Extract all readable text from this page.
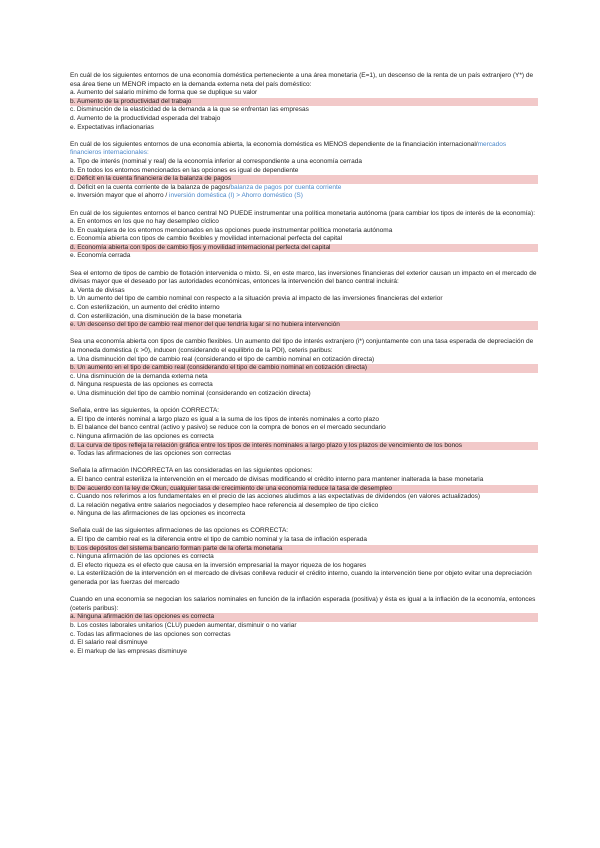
En cuál de los siguientes entornos de una economía doméstica perteneciente a una área monetaria (E=1), un descenso de la renta de un país extranjero (Y*) de esa área tiene un MENOR impacto en la demanda externa neta del país doméstico:

a. Aumento del salario mínimo de forma que se duplique su valor
b. Aumento de la productividad del trabajo
c. Disminución de la elasticidad de la demanda a la que se enfrentan las empresas
d. Aumento de la productividad esperada del trabajo
e. Expectativas inflacionarias

En cuál de los siguientes entornos de una economía abierta, la economía doméstica es MENOS dependiente de la financiación internacional/mercados financieros internacionales:

a. Tipo de interés (nominal y real) de la economía inferior al correspondiente a una economía cerrada
b. En todos los entornos mencionados en las opciones es igual de dependiente
c. Déficit en la cuenta financiera de la balanza de pagos
d. Déficit en la cuenta corriente de la balanza de pagos/balanza de pagos por cuenta corriente
e. Inversión mayor que el ahorro / inversión doméstica (I) > Ahorro doméstico (S)

En cuál de los siguientes entornos el banco central NO PUEDE instrumentar una política monetaria autónoma (para cambiar los tipos de interés de la economía):

a. En entornos en los que no hay desempleo cíclico
b. En cualquiera de los entornos mencionados en las opciones puede instrumentar política monetaria autónoma
c. Economía abierta con tipos de cambio flexibles y movilidad internacional perfecta del capital
d. Economía abierta con tipos de cambio fijos y movilidad internacional perfecta del capital
e. Economía cerrada

Sea el entorno de tipos de cambio de flotación intervenida o mixto. Si, en este marco, las inversiones financieras del exterior causan un impacto en el mercado de divisas mayor que el deseado por las autoridades económicas, entonces la intervención del banco central incluirá:

a. Venta de divisas
b. Un aumento del tipo de cambio nominal con respecto a la situación previa al impacto de las inversiones financieras del exterior
c. Con esterilización, un aumento del crédito interno
d. Con esterilización, una disminución de la base monetaria
e. Un descenso del tipo de cambio real menor del que tendría lugar si no hubiera intervención

Sea una economía abierta con tipos de cambio flexibles. Un aumento del tipo de interés extranjero (i*) conjuntamente con una tasa esperada de depreciación de la moneda doméstica (ε >0), inducen (considerando el equilibrio de la PDI), ceteris paribus:

a. Una disminución del tipo de cambio real (considerando el tipo de cambio nominal en cotización directa)
b. Un aumento en el tipo de cambio real (considerando el tipo de cambio nominal en cotización directa)
c. Una disminución de la demanda externa neta
d. Ninguna respuesta de las opciones es correcta
e. Una disminución del tipo de cambio nominal (considerando en cotización directa)

Señala, entre las siguientes, la opción CORRECTA:

a. El tipo de interés nominal a largo plazo es igual a la suma de los tipos de interés nominales a corto plazo
b. El balance del banco central (activo y pasivo) se reduce con la compra de bonos en el mercado secundario
c. Ninguna afirmación de las opciones es correcta
d. La curva de tipos refleja la relación gráfica entre los tipos de interés nominales a largo plazo y los plazos de vencimiento de los bonos
e. Todas las afirmaciones de las opciones son correctas

Señala la afirmación INCORRECTA en las consideradas en las siguientes opciones:

a. El banco central esteriliza la intervención en el mercado de divisas modificando el crédito interno para mantener inalterada la base monetaria
b. De acuerdo con la ley de Okun, cualquier tasa de crecimiento de una economía reduce la tasa de desempleo
c. Cuando nos referimos a los fundamentales en el precio de las acciones aludimos a las expectativas de dividendos (en valores actualizados)
d. La relación negativa entre salarios negociados y desempleo hace referencia al desempleo de tipo cíclico
e. Ninguna de las afirmaciones de las opciones es incorrecta

Señala cuál de las siguientes afirmaciones de las opciones es CORRECTA:

a. El tipo de cambio real es la diferencia entre el tipo de cambio nominal y la tasa de inflación esperada
b. Los depósitos del sistema bancario forman parte de la oferta monetaria
c. Ninguna afirmación de las opciones es correcta
d. El efecto riqueza es el efecto que causa en la inversión empresarial la mayor riqueza de los hogares
e. La esterilización de la intervención en el mercado de divisas conlleva reducir el crédito interno, cuando la intervención tiene por objeto evitar una depreciación generada por las fuerzas del mercado

Cuando en una economía se negocian los salarios nominales en función de la inflación esperada (positiva) y ésta es igual a la inflación de la economía, entonces (ceteris paribus):

a. Ninguna afirmación de las opciones es correcta
b. Los costes laborales unitarios (CLU) pueden aumentar, disminuir o no variar
c. Todas las afirmaciones de las opciones son correctas
d. El salario real disminuye
e. El markup de las empresas disminuye
